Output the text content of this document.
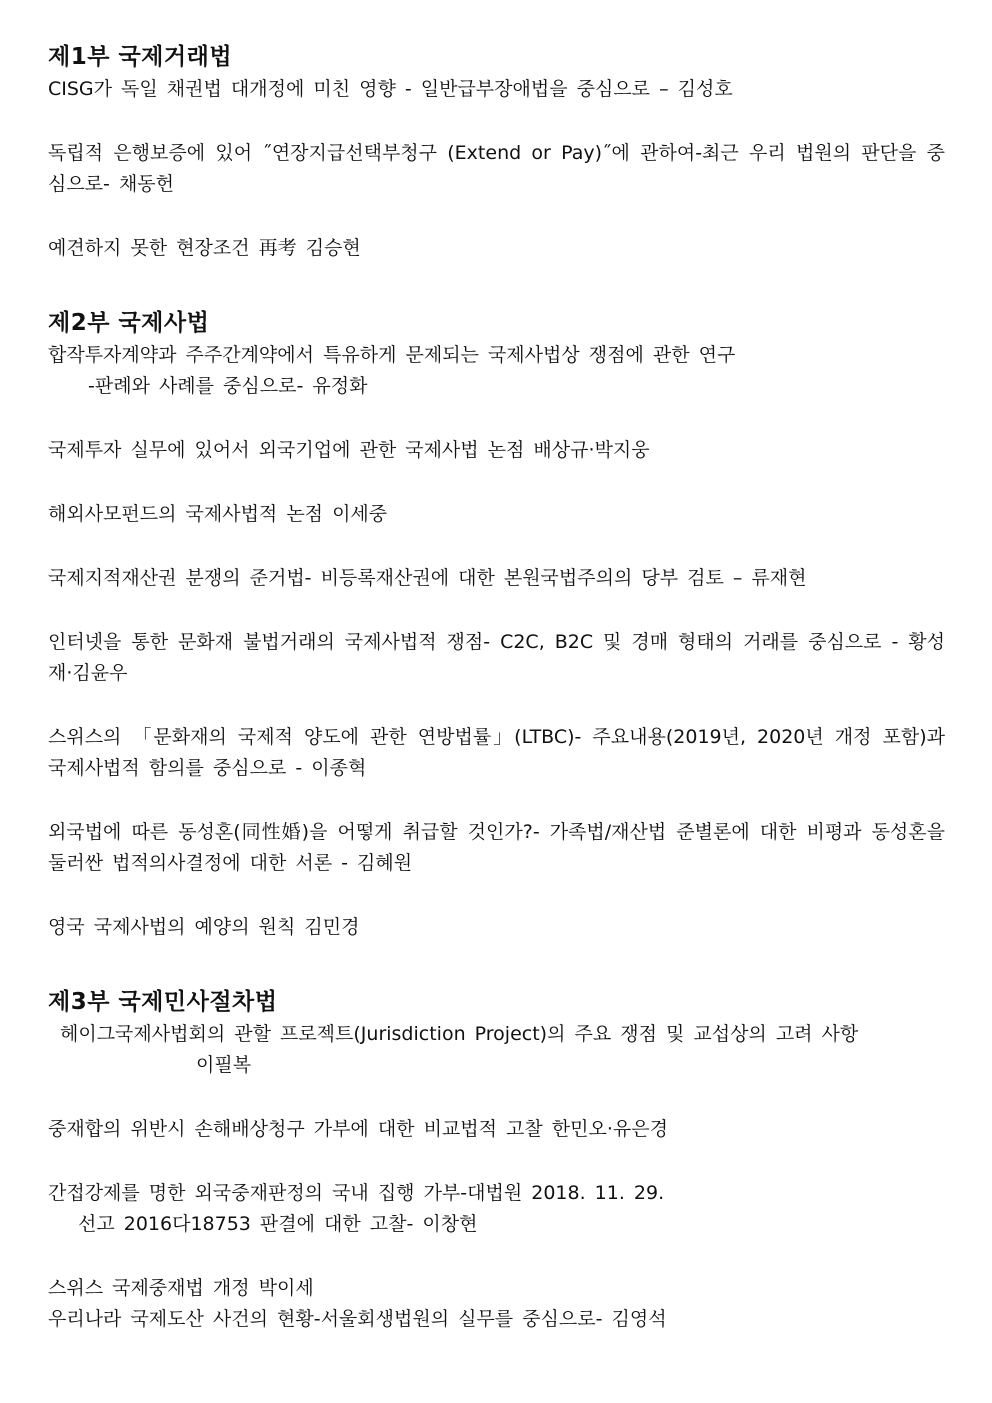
제1부 국제거래법

CISG가 독일 채권법 대개정에 미친 영향 - 일반급부장애법을 중심으로 – 김성호

독립적 은행보증에 있어 ˝연장지급선택부청구 (Extend or Pay)˝에 관하여-최근 우리 법원의 판단을 중심으로- 채동헌

예견하지 못한 현장조건 再考 김승현

제2부 국제사법

합작투자계약과 주주간계약에서 특유하게 문제되는 국제사법상 쟁점에 관한 연구

-판례와 사례를 중심으로- 유정화

국제투자 실무에 있어서 외국기업에 관한 국제사법 논점 배상규·박지웅

해외사모펀드의 국제사법적 논점 이세중

국제지적재산권 분쟁의 준거법- 비등록재산권에 대한 본원국법주의의 당부 검토 – 류재현

인터넷을 통한 문화재 불법거래의 국제사법적 쟁점- C2C, B2C 및 경매 형태의 거래를 중심으로 - 황성재·김윤우

스위스의 「문화재의 국제적 양도에 관한 연방법률」(LTBC)- 주요내용(2019년, 2020년 개정 포함)과 국제사법적 함의를 중심으로 - 이종혁

외국법에 따른 동성혼(同性婚)을 어떻게 취급할 것인가?- 가족법/재산법 준별론에 대한 비평과 동성혼을 둘러싼 법적의사결정에 대한 서론 - 김혜원

영국 국제사법의 예양의 원칙 김민경

제3부 국제민사절차법

헤이그국제사법회의 관할 프로젝트(Jurisdiction Project)의 주요 쟁점 및 교섭상의 고려 사항

이필복

중재합의 위반시 손해배상청구 가부에 대한 비교법적 고찰 한민오·유은경

간접강제를 명한 외국중재판정의 국내 집행 가부-대법원 2018. 11. 29.

선고 2016다18753 판결에 대한 고찰- 이창현

스위스 국제중재법 개정 박이세

우리나라 국제도산 사건의 현황-서울회생법원의 실무를 중심으로- 김영석
